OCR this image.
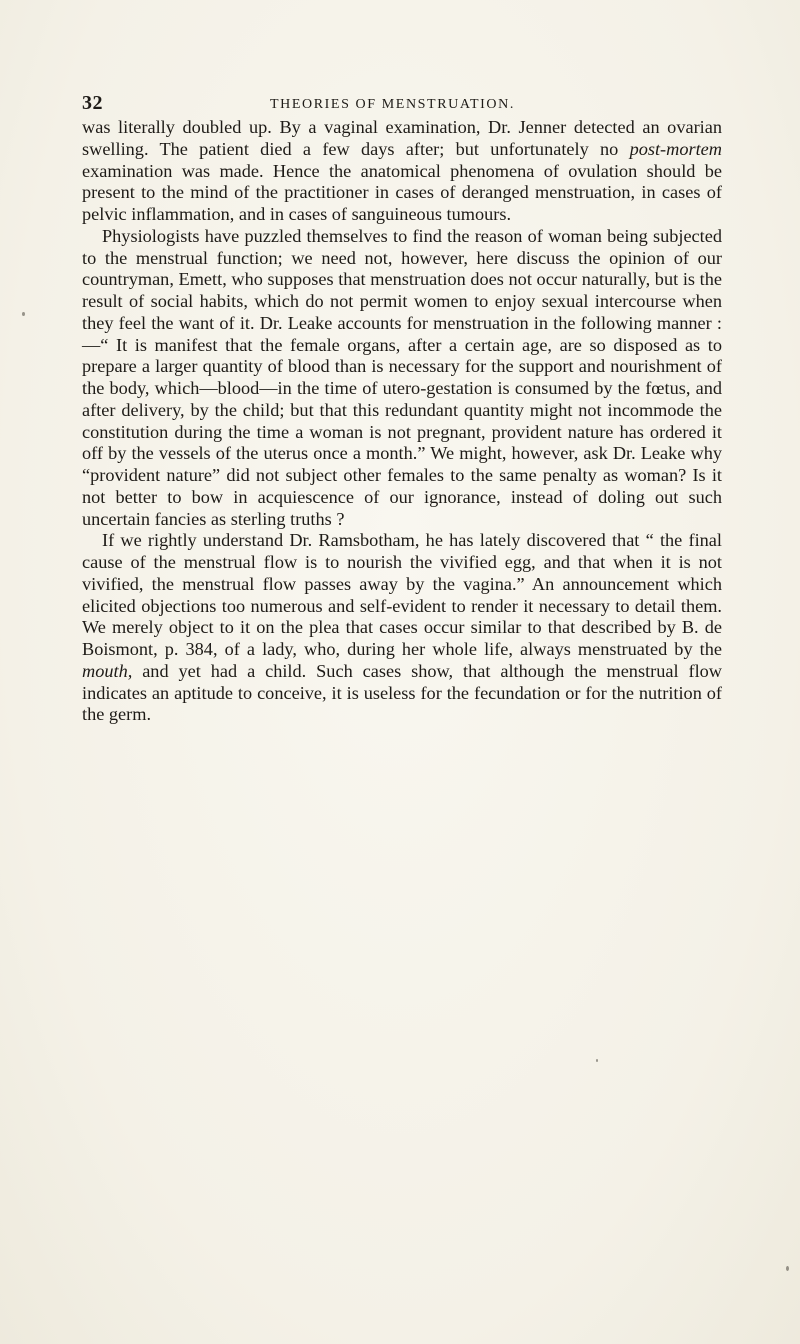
32	THEORIES OF MENSTRUATION.

was literally doubled up. By a vaginal examination, Dr. Jenner detected an ovarian swelling. The patient died a few days after; but unfortunately no post-mortem examination was made. Hence the anatomical phenomena of ovulation should be present to the mind of the practitioner in cases of deranged menstruation, in cases of pelvic inflammation, and in cases of sanguineous tumours.

Physiologists have puzzled themselves to find the reason of woman being subjected to the menstrual function; we need not, however, here discuss the opinion of our countryman, Emett, who supposes that menstruation does not occur naturally, but is the result of social habits, which do not permit women to enjoy sexual intercourse when they feel the want of it. Dr. Leake accounts for menstruation in the following manner :—“ It is manifest that the female organs, after a certain age, are so disposed as to prepare a larger quantity of blood than is necessary for the support and nourishment of the body, which—blood—in the time of utero-gestation is consumed by the fœtus, and after delivery, by the child; but that this redundant quantity might not incommode the constitution during the time a woman is not pregnant, provident nature has ordered it off by the vessels of the uterus once a month.” We might, however, ask Dr. Leake why “provident nature” did not subject other females to the same penalty as woman? Is it not better to bow in acquiescence of our ignorance, instead of doling out such uncertain fancies as sterling truths ?

If we rightly understand Dr. Ramsbotham, he has lately discovered that “ the final cause of the menstrual flow is to nourish the vivified egg, and that when it is not vivified, the menstrual flow passes away by the vagina.” An announcement which elicited objections too numerous and self-evident to render it necessary to detail them. We merely object to it on the plea that cases occur similar to that described by B. de Boismont, p. 384, of a lady, who, during her whole life, always menstruated by the mouth, and yet had a child. Such cases show, that although the menstrual flow indicates an aptitude to conceive, it is useless for the fecundation or for the nutrition of the germ.
